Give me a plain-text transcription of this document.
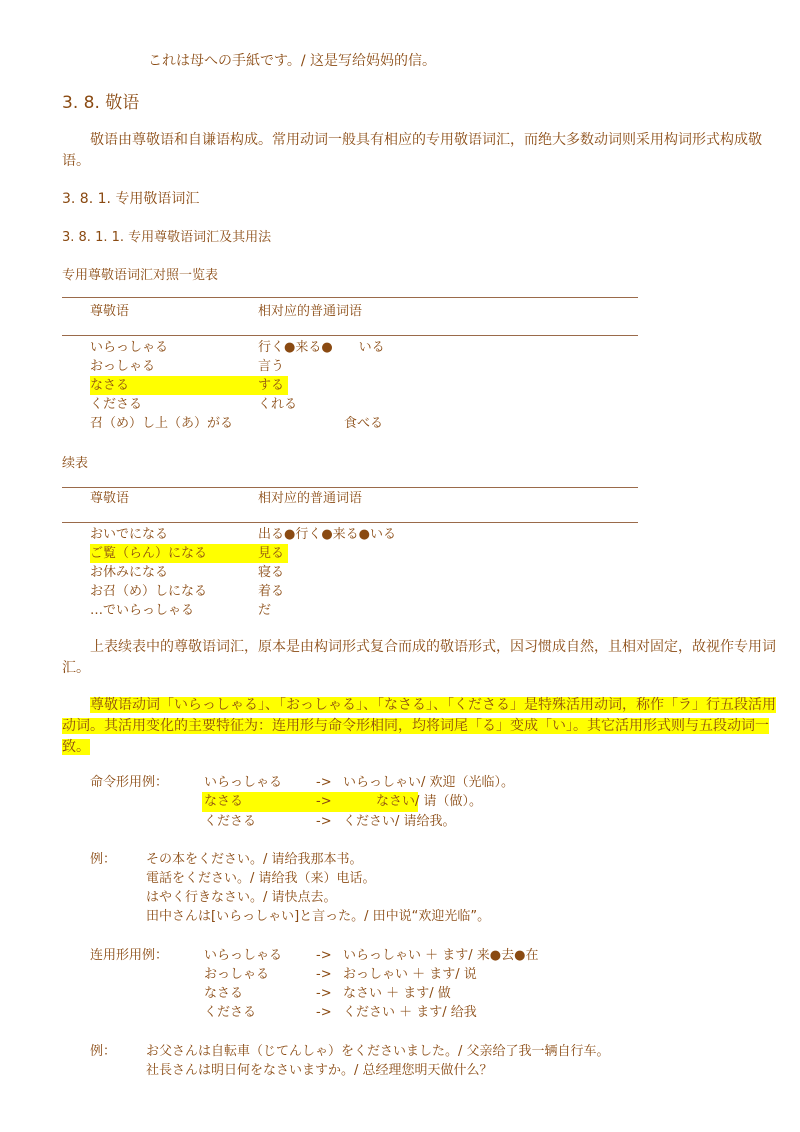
これは母への手紙です。/ 这是写给妈妈的信。
3. 8. 敬语
敬语由尊敬语和自谦语构成。常用动词一般具有相应的专用敬语词汇，而绝大多数动词则采用构词形式构成敬语。
3. 8. 1. 专用敬语词汇
3. 8. 1. 1. 专用尊敬语词汇及其用法
专用尊敬语词汇对照一览表
尊敬语	相对应的普通词语
いらっしゃる	行く●来る●　　いる
おっしゃる	言う
なさる	する
くださる	くれる
召（め）し上（あ）がる	食べる
续表
尊敬语	相对应的普通词语
おいでになる	出る●行く●来る●いる
ご覧（らん）になる	見る
お休みになる	寝る
お召（め）しになる	着る
…でいらっしゃる	だ
上表续表中的尊敬语词汇，原本是由构词形式复合而成的敬语形式，因习惯成自然，且相对固定，故视作专用词汇。
尊敬语动词「いらっしゃる」、「おっしゃる」、「なさる」、「くださる」是特殊活用动词，称作「ラ」行五段活用动词。其活用变化的主要特征为：连用形与命令形相同，均将词尾「る」变成「い」。其它活用形式则与五段动词一致。
命令形用例：	いらっしゃる	-> いらっしゃい/ 欢迎（光临）。
なさる	->	なさい/ 请（做）。
くださる	-> ください/ 请给我。
例： その本をください。/ 请给我那本书。
電話をください。/ 请给我（来）电话。
はやく行きなさい。/ 请快点去。
田中さんは[いらっしゃい]と言った。/ 田中说“欢迎光临”。
连用形用例：	いらっしゃる	-> いらっしゃい ＋ ます/ 来●去●在
おっしゃる	-> おっしゃい ＋ ます/ 说
なさる	-> なさい ＋ ます/ 做
くださる	-> ください ＋ ます/ 给我
例： お父さんは自転車（じてんしゃ）をくださいました。/ 父亲给了我一辆自行车。
社長さんは明日何をなさいますか。/ 总经理您明天做什么？
